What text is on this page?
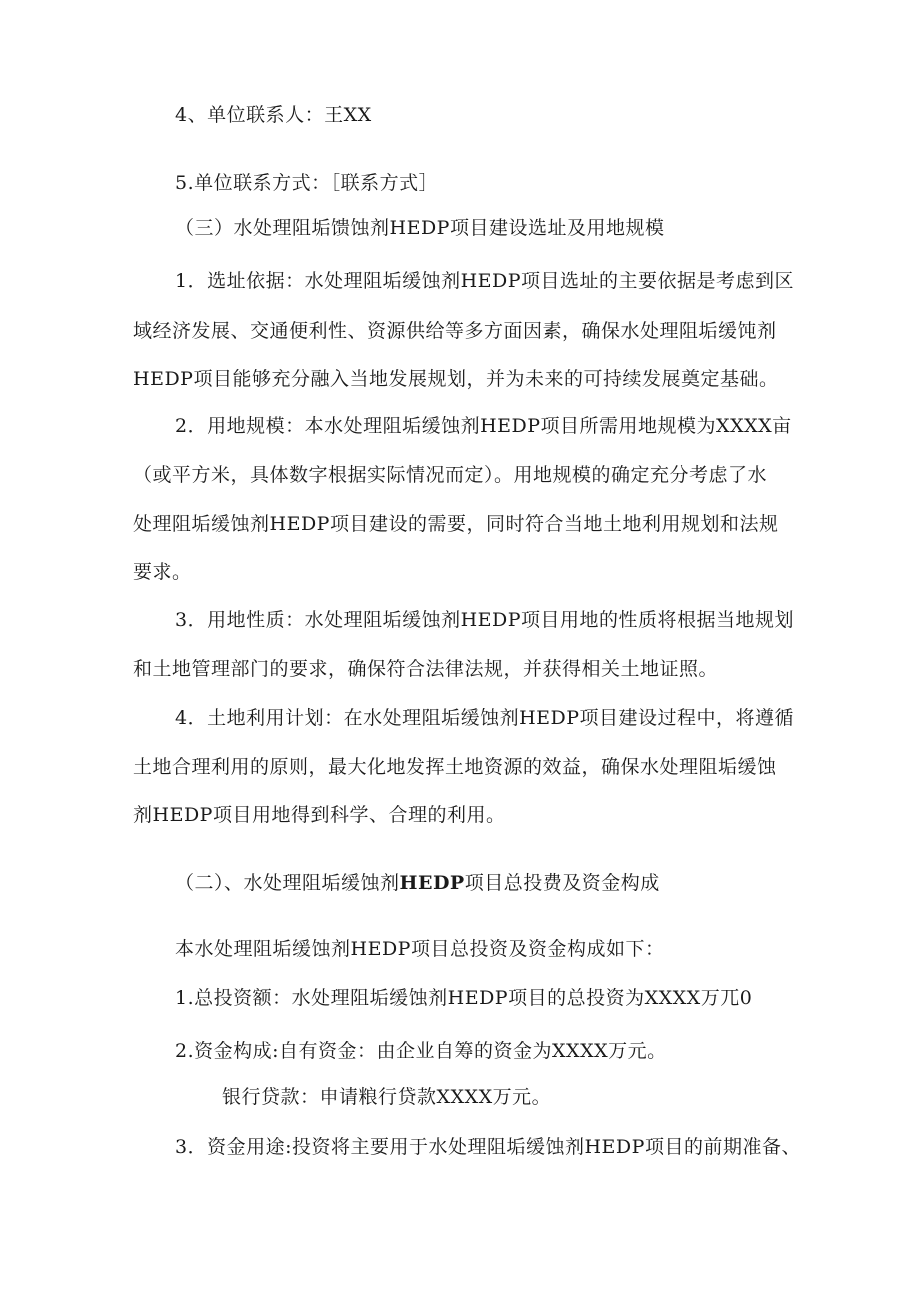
4、单位联系人：王XX
5.单位联系方式：［联系方式］
（三）水处理阻垢馈蚀剂HEDP项目建设选址及用地规模
1．选址依据：水处理阻垢缓蚀剂HEDP项目选址的主要依据是考虑到区
域经济发展、交通便利性、资源供给等多方面因素，确保水处理阻垢缓饨剂
HEDP项目能够充分融入当地发展规划，并为未来的可持续发展奠定基础。
2．用地规模：本水处理阻垢缓蚀剂HEDP项目所需用地规模为XXXX亩
（或平方米，具体数字根据实际情况而定）。用地规模的确定充分考虑了水
处理阻垢缓蚀剂HEDP项目建设的需要，同时符合当地土地利用规划和法规
要求。
3．用地性质：水处理阻垢缓蚀剂HEDP项目用地的性质将根据当地规划
和土地管理部门的要求，确保符合法律法规，并获得相关土地证照。
4．土地利用计划：在水处理阻垢缓蚀剂HEDP项目建设过程中，将遵循
土地合理利用的原则，最大化地发挥土地资源的效益，确保水处理阻垢缓蚀
剂HEDP项目用地得到科学、合理的利用。
（二）、水处理阻垢缓蚀剂HEDP项目总投费及资金构成
本水处理阻垢缓蚀剂HEDP项目总投资及资金构成如下：
1.总投资额：水处理阻垢缓蚀剂HEDP项目的总投资为XXXX万兀0
2.资金构成:自有资金：由企业自筹的资金为XXXX万元。
银行贷款：申请粮行贷款XXXX万元。
3．资金用途:投资将主要用于水处理阻垢缓蚀剂HEDP项目的前期准备、
